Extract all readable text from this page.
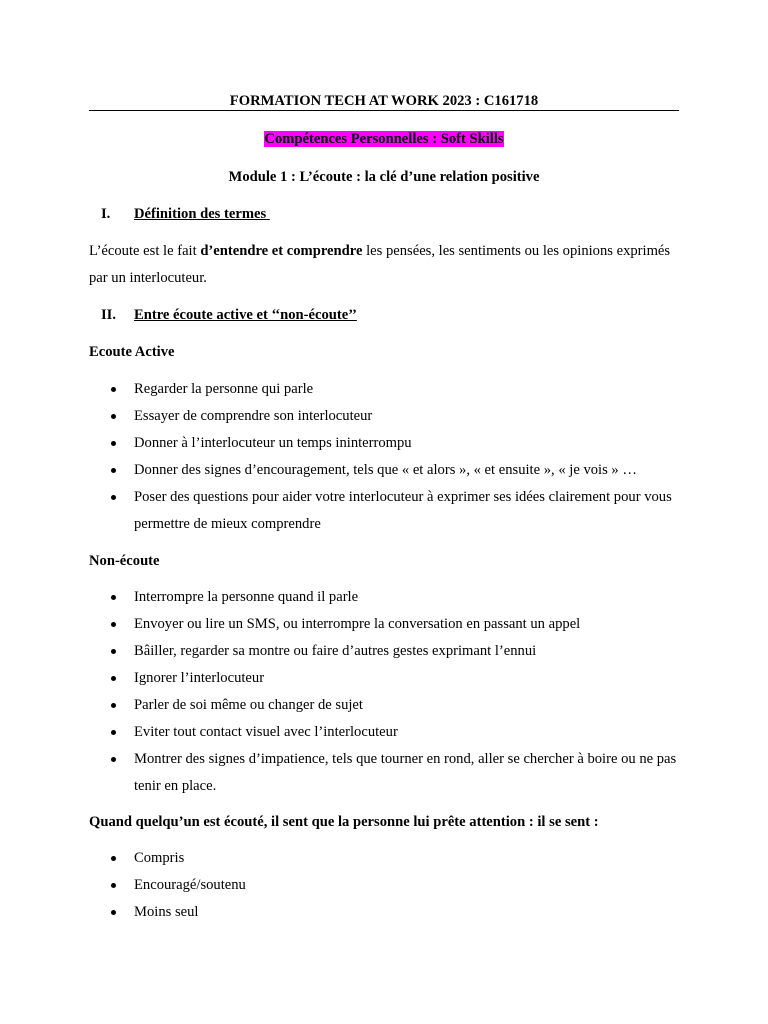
FORMATION TECH AT WORK 2023 : C161718
Compétences Personnelles : Soft Skills
Module 1 : L’écoute : la clé d’une relation positive
I. Définition des termes
L’écoute est le fait d’entendre et comprendre les pensées, les sentiments ou les opinions exprimés par un interlocuteur.
II. Entre écoute active et ‘‘non-écoute’’
Ecoute Active
Regarder la personne qui parle
Essayer de comprendre son interlocuteur
Donner à l’interlocuteur un temps ininterrompu
Donner des signes d’encouragement, tels que « et alors », « et ensuite », « je vois » …
Poser des questions pour aider votre interlocuteur à exprimer ses idées clairement pour vous permettre de mieux comprendre
Non-écoute
Interrompre la personne quand il parle
Envoyer ou lire un SMS, ou interrompre la conversation en passant un appel
Bâiller, regarder sa montre ou faire d’autres gestes exprimant l’ennui
Ignorer l’interlocuteur
Parler de soi même ou changer de sujet
Eviter tout contact visuel avec l’interlocuteur
Montrer des signes d’impatience, tels que tourner en rond, aller se chercher à boire ou ne pas tenir en place.
Quand quelqu’un est écouté, il sent que la personne lui prête attention : il se sent :
Compris
Encouragé/soutenu
Moins seul
